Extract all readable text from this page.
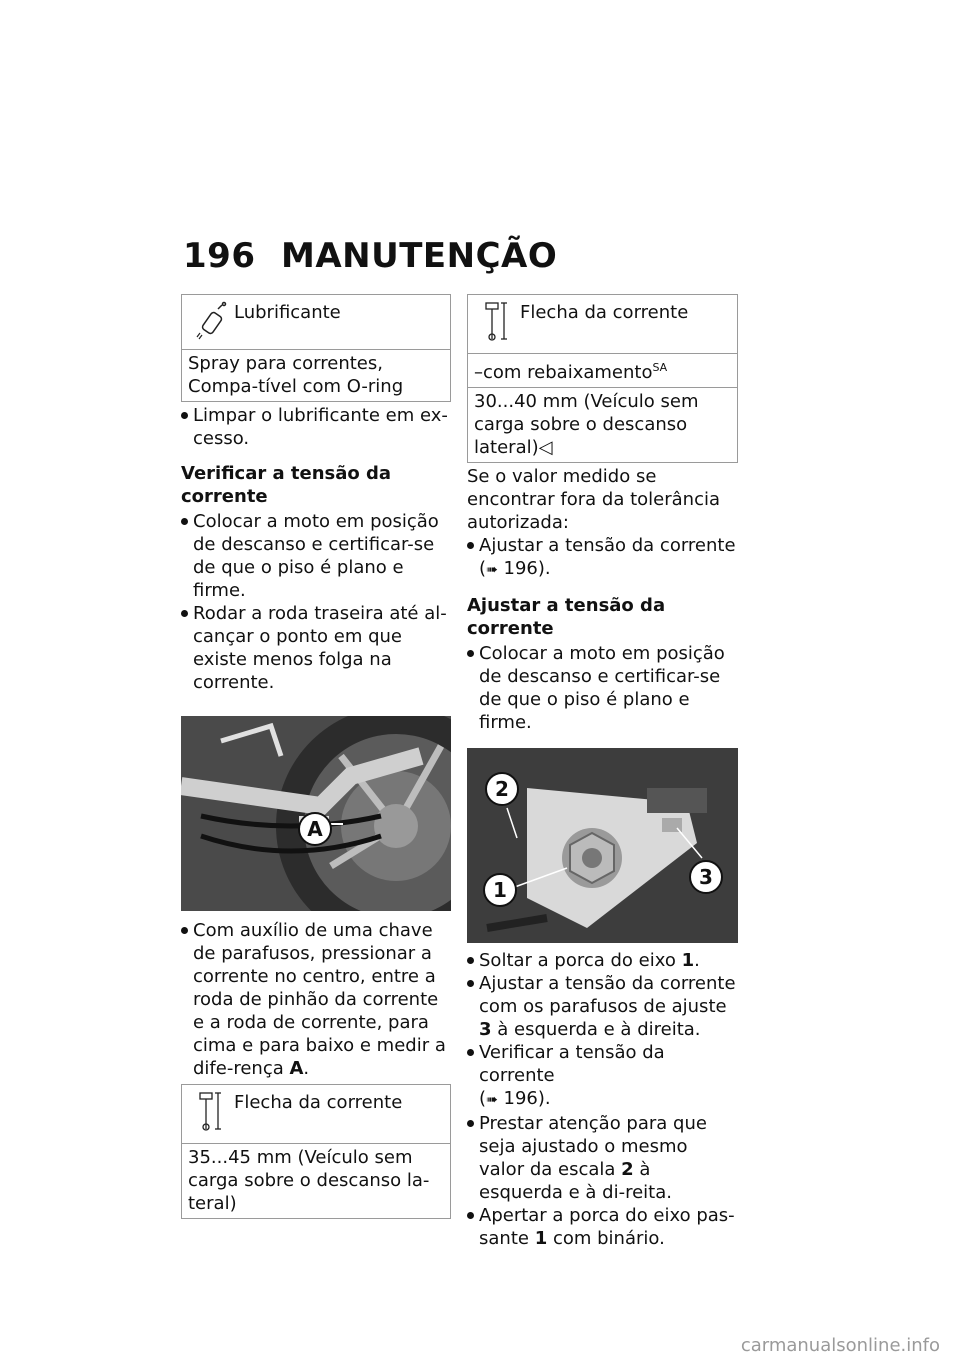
196 MANUTENÇÃO
Lubrificante
Spray para correntes, Compa-tível com O-ring

Limpar o lubrificante em ex-cesso.

Verificar a tensão da corrente

Colocar a moto em posição de descanso e certificar-se de que o piso é plano e firme.

Rodar a roda traseira até al-cançar o ponto em que existe menos folga na corrente.

A

Com auxílio de uma chave de parafusos, pressionar a corrente no centro, entre a roda de pinhão da corrente e a roda de corrente, para cima e para baixo e medir a dife-rença A.

Flecha da corrente
35...45 mm (Veículo sem carga sobre o descanso la-teral)
Flecha da corrente
–com rebaixamento$^{SA}$
30...40 mm (Veículo sem carga sobre o descanso lateral)◁

Se o valor medido se encontrar fora da tolerância autorizada:

Ajustar a tensão da corrente
(➠ 196).

Ajustar a tensão da corrente

Colocar a moto em posição de descanso e certificar-se de que o piso é plano e firme.

2
1
3

Soltar a porca do eixo 1.

Ajustar a tensão da corrente com os parafusos de ajuste 3 à esquerda e à direita.

Verificar a tensão da corrente
(➠ 196).

Prestar atenção para que seja ajustado o mesmo valor da escala 2 à esquerda e à di-reita.

Apertar a porca do eixo pas-sante 1 com binário.

carmanualsonline.info
